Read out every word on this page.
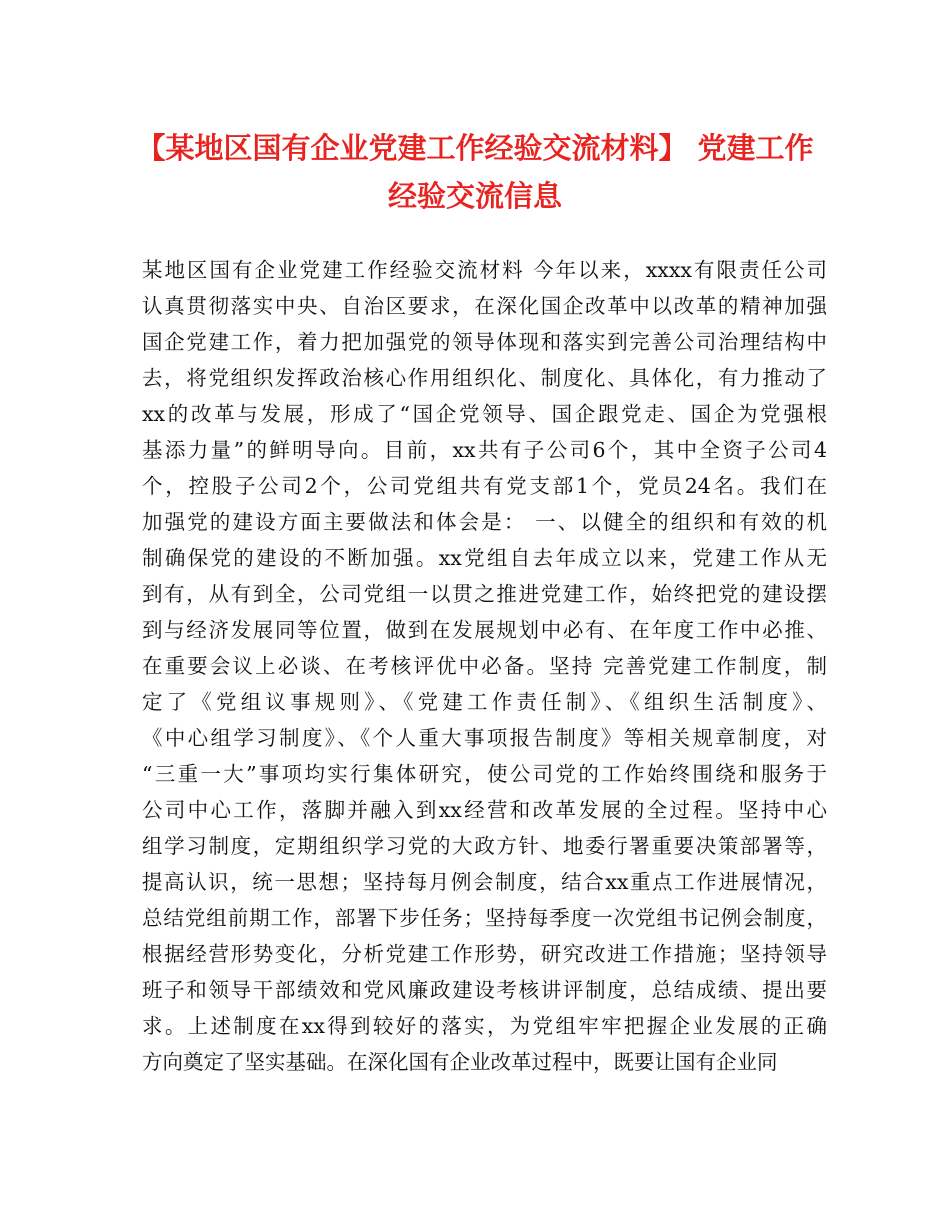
【某地区国有企业党建工作经验交流材料】 党建工作
经验交流信息
某地区国有企业党建工作经验交流材料 今年以来，xxxx有限责任公司
认真贯彻落实中央、自治区要求，在深化国企改革中以改革的精神加强
国企党建工作，着力把加强党的领导体现和落实到完善公司治理结构中
去，将党组织发挥政治核心作用组织化、制度化、具体化，有力推动了
xx的改革与发展，形成了“国企党领导、国企跟党走、国企为党强根
基添力量”的鲜明导向。目前，xx共有子公司6个，其中全资子公司4
个，控股子公司2个，公司党组共有党支部1个，党员24名。我们在
加强党的建设方面主要做法和体会是： 一、以健全的组织和有效的机
制确保党的建设的不断加强。xx党组自去年成立以来，党建工作从无
到有，从有到全，公司党组一以贯之推进党建工作，始终把党的建设摆
到与经济发展同等位置，做到在发展规划中必有、在年度工作中必推、
在重要会议上必谈、在考核评优中必备。坚持 完善党建工作制度，制
定了《党组议事规则》、《党建工作责任制》、《组织生活制度》、
《中心组学习制度》、《个人重大事项报告制度》等相关规章制度，对
“三重一大”事项均实行集体研究，使公司党的工作始终围绕和服务于
公司中心工作，落脚并融入到xx经营和改革发展的全过程。坚持中心
组学习制度，定期组织学习党的大政方针、地委行署重要决策部署等，
提高认识，统一思想；坚持每月例会制度，结合xx重点工作进展情况，
总结党组前期工作，部署下步任务；坚持每季度一次党组书记例会制度，
根据经营形势变化，分析党建工作形势，研究改进工作措施；坚持领导
班子和领导干部绩效和党风廉政建设考核讲评制度，总结成绩、提出要
求。上述制度在xx得到较好的落实，为党组牢牢把握企业发展的正确
方向奠定了坚实基础。在深化国有企业改革过程中，既要让国有企业同
